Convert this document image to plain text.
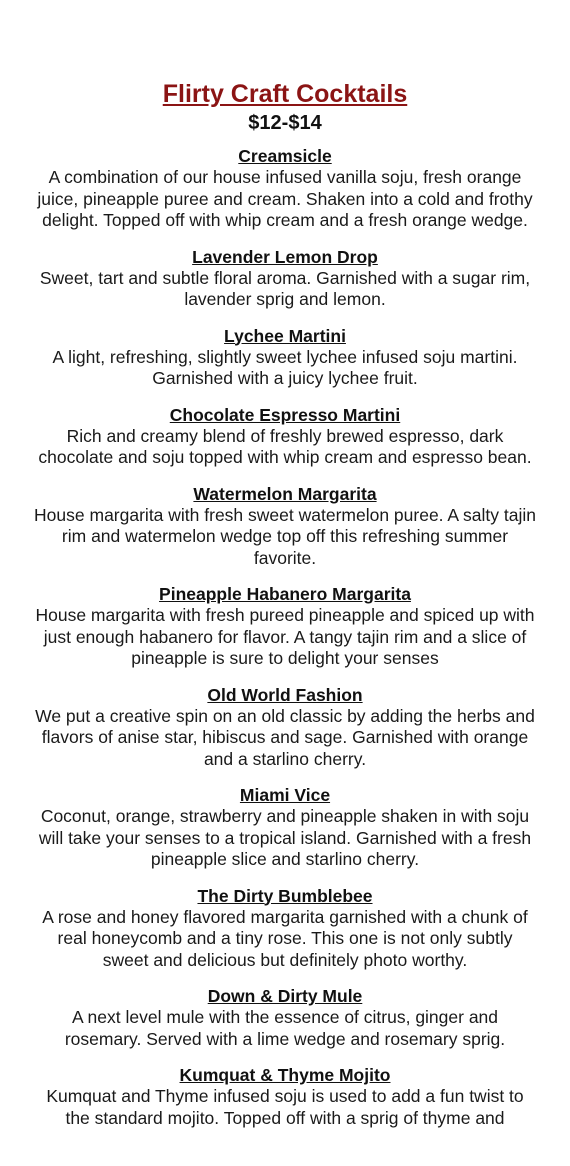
Flirty Craft Cocktails
$12-$14
Creamsicle
A combination of our house infused vanilla soju, fresh orange juice, pineapple puree and cream. Shaken into a cold and frothy delight. Topped off with whip cream and a fresh orange wedge.
Lavender Lemon Drop
Sweet, tart and subtle floral aroma. Garnished with a sugar rim, lavender sprig and lemon.
Lychee Martini
A light, refreshing, slightly sweet lychee infused soju martini. Garnished with a juicy lychee fruit.
Chocolate Espresso Martini
Rich and creamy blend of freshly brewed espresso, dark chocolate and soju topped with whip cream and espresso bean.
Watermelon Margarita
House margarita with fresh sweet watermelon puree. A salty tajin rim and watermelon wedge top off this refreshing summer favorite.
Pineapple Habanero Margarita
House margarita with fresh pureed pineapple and spiced up with just enough habanero for flavor. A tangy tajin rim and a slice of pineapple is sure to delight your senses
Old World Fashion
We put a creative spin on an old classic by adding the herbs and flavors of anise star, hibiscus and sage. Garnished with orange and a starlino cherry.
Miami Vice
Coconut, orange, strawberry and pineapple shaken in with soju will take your senses to a tropical island. Garnished with a fresh pineapple slice and starlino cherry.
The Dirty Bumblebee
A rose and honey flavored margarita garnished with a chunk of real honeycomb and a tiny rose. This one is not only subtly sweet and delicious but definitely photo worthy.
Down & Dirty Mule
A next level mule with the essence of citrus, ginger and rosemary. Served with a lime wedge and rosemary sprig.
Kumquat & Thyme Mojito
Kumquat and Thyme infused soju is used to add a fun twist to the standard mojito. Topped off with a sprig of thyme and
